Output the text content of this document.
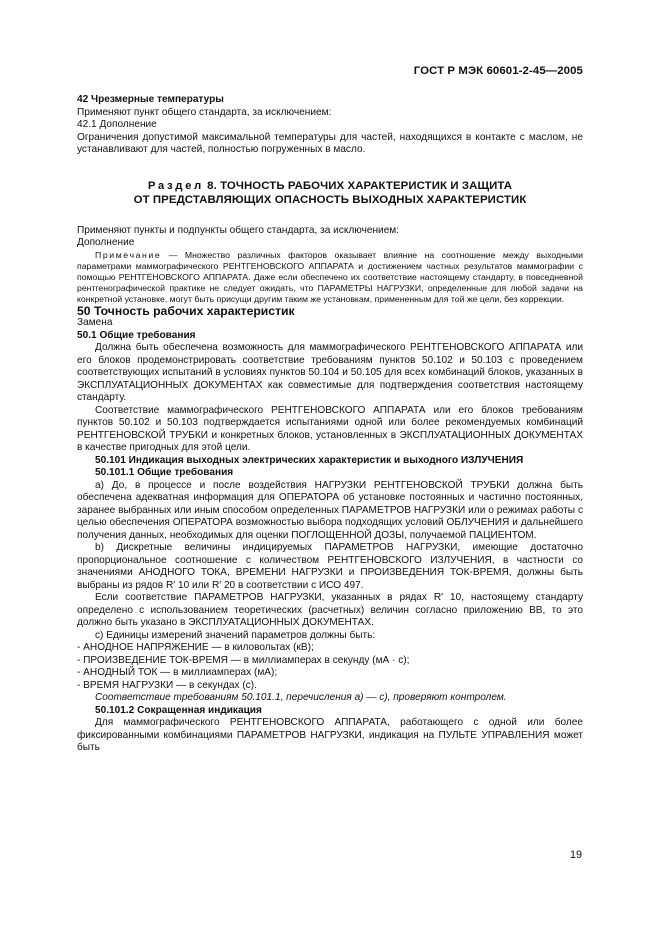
ГОСТ Р МЭК 60601-2-45—2005

42 Чрезмерные температуры

Применяют пункт общего стандарта, за исключением:

42.1 Дополнение

Ограничения допустимой максимальной температуры для частей, находящихся в контакте с маслом, не устанавливают для частей, полностью погруженных в масло.

Раздел 8. ТОЧНОСТЬ РАБОЧИХ ХАРАКТЕРИСТИК И ЗАЩИТА
ОТ ПРЕДСТАВЛЯЮЩИХ ОПАСНОСТЬ ВЫХОДНЫХ ХАРАКТЕРИСТИК

Применяют пункты и подпункты общего стандарта, за исключением:

Дополнение

Примечание — Множество различных факторов оказывает влияние на соотношение между выходными параметрами маммографического РЕНТГЕНОВСКОГО АППАРАТА и достижением частных результатов маммографии с помощью РЕНТГЕНОВСКОГО АППАРАТА. Даже если обеспечено их соответствие настоящему стандарту, в повседневной рентгенографической практике не следует ожидать, что ПАРАМЕТРЫ НАГРУЗКИ, определенные для любой задачи на конкретной установке, могут быть присущи другим таким же установкам, примененным для той же цели, без коррекции.

50 Точность рабочих характеристик

Замена

50.1 Общие требования

Должна быть обеспечена возможность для маммографического РЕНТГЕНОВСКОГО АППАРАТА или его блоков продемонстрировать соответствие требованиям пунктов 50.102 и 50.103 с проведением соответствующих испытаний в условиях пунктов 50.104 и 50.105 для всех комбинаций блоков, указанных в ЭКСПЛУАТАЦИОННЫХ ДОКУМЕНТАХ как совместимые для подтверждения соответствия настоящему стандарту.

Соответствие маммографического РЕНТГЕНОВСКОГО АППАРАТА или его блоков требованиям пунктов 50.102 и 50.103 подтверждается испытаниями одной или более рекомендуемых комбинаций РЕНТГЕНОВСКОЙ ТРУБКИ и конкретных блоков, установленных в ЭКСПЛУАТАЦИОННЫХ ДОКУМЕНТАХ в качестве пригодных для этой цели.

50.101 Индикация выходных электрических характеристик и выходного ИЗЛУЧЕНИЯ

50.101.1 Общие требования

а) До, в процессе и после воздействия НАГРУЗКИ РЕНТГЕНОВСКОЙ ТРУБКИ должна быть обеспечена адекватная информация для ОПЕРАТОРА об установке постоянных и частично постоянных, заранее выбранных или иным способом определенных ПАРАМЕТРОВ НАГРУЗКИ или о режимах работы с целью обеспечения ОПЕРАТОРА возможностью выбора подходящих условий ОБЛУЧЕНИЯ и дальнейшего получения данных, необходимых для оценки ПОГЛОЩЕННОЙ ДОЗЫ, получаемой ПАЦИЕНТОМ.

b) Дискретные величины индицируемых ПАРАМЕТРОВ НАГРУЗКИ, имеющие достаточно пропорциональное соотношение с количеством РЕНТГЕНОВСКОГО ИЗЛУЧЕНИЯ, в частности со значениями АНОДНОГО ТОКА, ВРЕМЕНИ НАГРУЗКИ и ПРОИЗВЕДЕНИЯ ТОК-ВРЕМЯ, должны быть выбраны из рядов R′ 10 или R′ 20 в соответствии с ИСО 497.

Если соответствие ПАРАМЕТРОВ НАГРУЗКИ, указанных в рядах R′ 10, настоящему стандарту определено с использованием теоретических (расчетных) величин согласно приложению ВВ, то это должно быть указано в ЭКСПЛУАТАЦИОННЫХ ДОКУМЕНТАХ.

с) Единицы измерений значений параметров должны быть:

- АНОДНОЕ НАПРЯЖЕНИЕ — в киловольтах (кВ);

- ПРОИЗВЕДЕНИЕ ТОК-ВРЕМЯ — в миллиамперах в секунду (мА · с);

- АНОДНЫЙ ТОК — в миллиамперах (мА);

- ВРЕМЯ НАГРУЗКИ — в секундах (с).

Соответствие требованиям 50.101.1, перечисления а) — с), проверяют контролем.

50.101.2 Сокращенная индикация

Для маммографического РЕНТГЕНОВСКОГО АППАРАТА, работающего с одной или более фиксированными комбинациями ПАРАМЕТРОВ НАГРУЗКИ, индикация на ПУЛЬТЕ УПРАВЛЕНИЯ может быть

19
